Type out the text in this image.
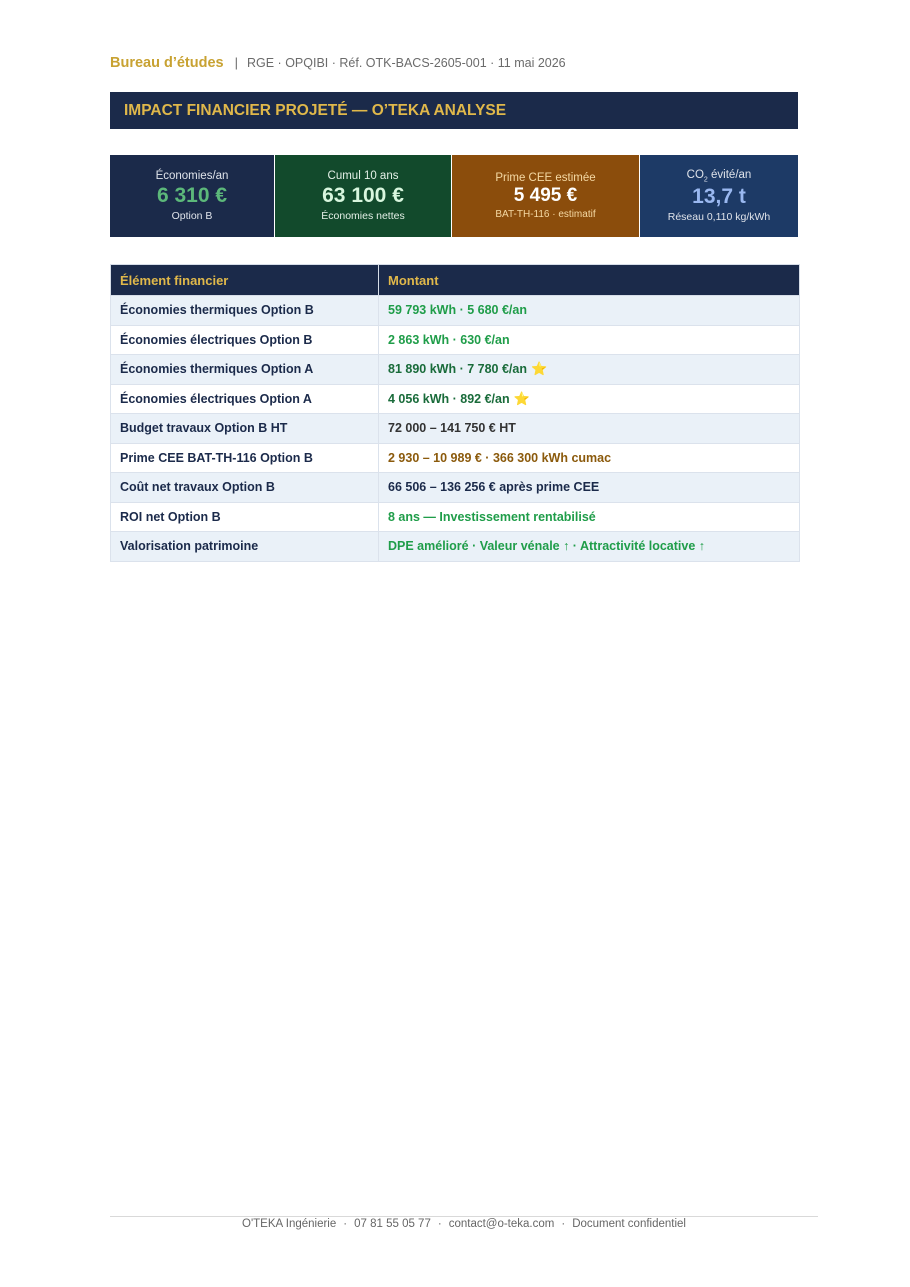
Bureau d’études | RGE · OPQIBI · Réf. OTK-BACS-2605-001 · 11 mai 2026
IMPACT FINANCIER PROJETÉ — O’TEKA ANALYSE
Économies/an
6 310 €
Option B
Cumul 10 ans
63 100 €
Économies nettes
Prime CEE estimée
5 495 €
BAT-TH-116 · estimatif
$CO_2$ évité/an
13,7 t
Réseau 0,110 kg/kWh
Élément financier	Montant
Économies thermiques Option B	59 793 kWh · 5 680 €/an
Économies électriques Option B	2 863 kWh · 630 €/an
Économies thermiques Option A	81 890 kWh · 7 780 €/an ⭐
Économies électriques Option A	4 056 kWh · 892 €/an ⭐
Budget travaux Option B HT	72 000 – 141 750 € HT
Prime CEE BAT-TH-116 Option B	2 930 – 10 989 € · 366 300 kWh cumac
Coût net travaux Option B	66 506 – 136 256 € après prime CEE
ROI net Option B	8 ans — Investissement rentabilisé
Valorisation patrimoine	DPE amélioré · Valeur vénale ↑ · Attractivité locative ↑
O'TEKA Ingénierie · 07 81 55 05 77 · contact@o-teka.com · Document confidentiel
